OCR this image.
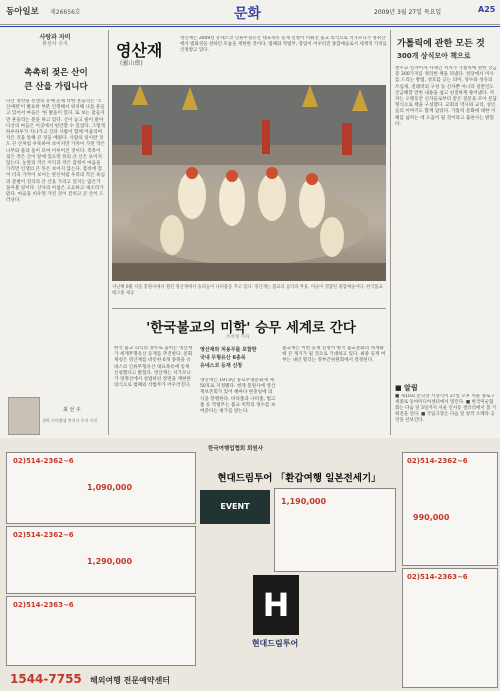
동아일보 제26656호	문화	2009년 3월 27일 목요일	A25
사랑과 자비
봉선사 주지
촉촉히 젖은 산이
큰 산을 가립니다
다산 정약용 선생의 유배 문제 탁한 흔들리는 '소산에정'이 발표한 부분 인정해서 위치해 나를 흔들고 있어서 마을은 '한 발돌이 있다. 또 보는 잠들지만 흔들리는 분을 하고 있다. 산이 높고 물이 맑아 다산의 마음은 이곳에서 편안할 수 있었다. 그렇게 하루하루가 지나가고 산과 사람이 함께 어울리며 작은 것을 통해 큰 것을 배웠다. 사람의 일이란 것도 큰 산처럼 우뚝하여 보이지만 가까이 가면 작은 나무와 풀과 돌이 모여 이루어진 것이다. 촉촉이 젖은 작은 산이 앞에 있으면 뒤의 큰 산은 보이지 않는다. 눈앞의 작은 이익과 작은 감정이 마음을 가리면 인생의 큰 뜻은 보이지 않는다. 봄비에 젖어 더욱 가까이 보이는 앞산처럼 우리의 작은 욕심과 분별이 진리의 큰 산을 가리고 있지는 않은가 돌아볼 일이다. 산사의 아침은 고요하고 새소리가 맑다. 마음을 비우면 가린 것이 걷히고 큰 산이 드러난다.
최 선 우
경북 구미출생 봉선사 주지 시인
영산재
(靈山齋)
영산재는 2009년 유네스코 인류무형유산 대표목록 등재 신청이 이뤄진 불교 의식으로 석가모니가 영취산에서 법화경을 설하던 모습을 재현한 것이다. 범패와 작법무, 장엄이 어우러진 종합예술로서 세계적 가치를 인정받고 있다.
지난해 6월 서울 봉원사에서 열린 영산재에서 승려들이 나비춤을 추고 있다. 영산재는 불교의 음악과 무용, 미술이 결합된 종합예술이다. 한국불교태고종 제공
'한국불교의 미학' 승무 세계로 간다
조이영 기자
한국 불교 의식의 정수로 꼽히는 영산재가 세계무형유산 등재를 추진한다. 문화재청은 영산재를 비롯한 6개 종목을 유네스코 인류무형유산 대표목록에 등재 신청했다고 밝혔다. 영산재는 석가모니가 영취산에서 설법하던 장면을 재현한 의식으로 범패와 작법무가 어우러진다.
영산재와 처용무를 포함한
국내 무형유산 6종목
유네스코 등재 신청
영산재는 1973년 중요무형문화재 제50호로 지정됐다. 현재 봉원사에 영산재보존회가 있어 해마다 현충일에 의식을 봉행한다. 바라춤과 나비춤, 법고춤 등 작법무는 불교 미학의 정수를 보여준다는 평가를 받는다.
불교계는 이번 등재 신청이 한국 불교문화의 세계화에 큰 계기가 될 것으로 기대하고 있다. 최종 등재 여부는 내년 열리는 정부간위원회에서 결정된다.
가톨릭에 관한 모든 것
300개 상식모아 책으로
천주교 신자이자 사제인 저자가 가톨릭에 관한 궁금증 300가지를 정리한 책을 펴냈다. 성당에서 미사를 드리는 방법, 성호를 긋는 의미, 성수와 성유의 쓰임새, 전례력의 구성 등 신자뿐 아니라 일반인도 궁금해할 만한 내용을 쉽고 친절하게 풀어냈다. 저자는 오랫동안 신자들로부터 받은 질문을 모아 문답 형식으로 책을 구성했다. 교회의 역사와 교리, 성인들의 이야기도 함께 담았다. 가톨릭 문화에 대한 이해를 넓히는 데 도움이 될 것이라고 출판사는 밝혔다.
■ 알림
■ 제10회 문학상 시상식이 27일 오후 서울 종로구 세종로 동아미디어센터에서 열린다. ■ 한국미술협회는 다음 달 3일까지 서울 인사동 갤러리에서 봄 기획전을 연다. ■ 국립극장은 다음 달 창작 오페라 공연을 선보인다.
한국여행업협회 회원사
02)514-2362~6
1,090,000
02)514-2362~6
1,290,000
02)514-2363~6
1544-7755 해외여행 전문예약센터
현대드림투어 「환갑여행 일본전세기」
EVENT
1,190,000
H
현대드림투어
02)514-2362~6
990,000
02)514-2363~6
